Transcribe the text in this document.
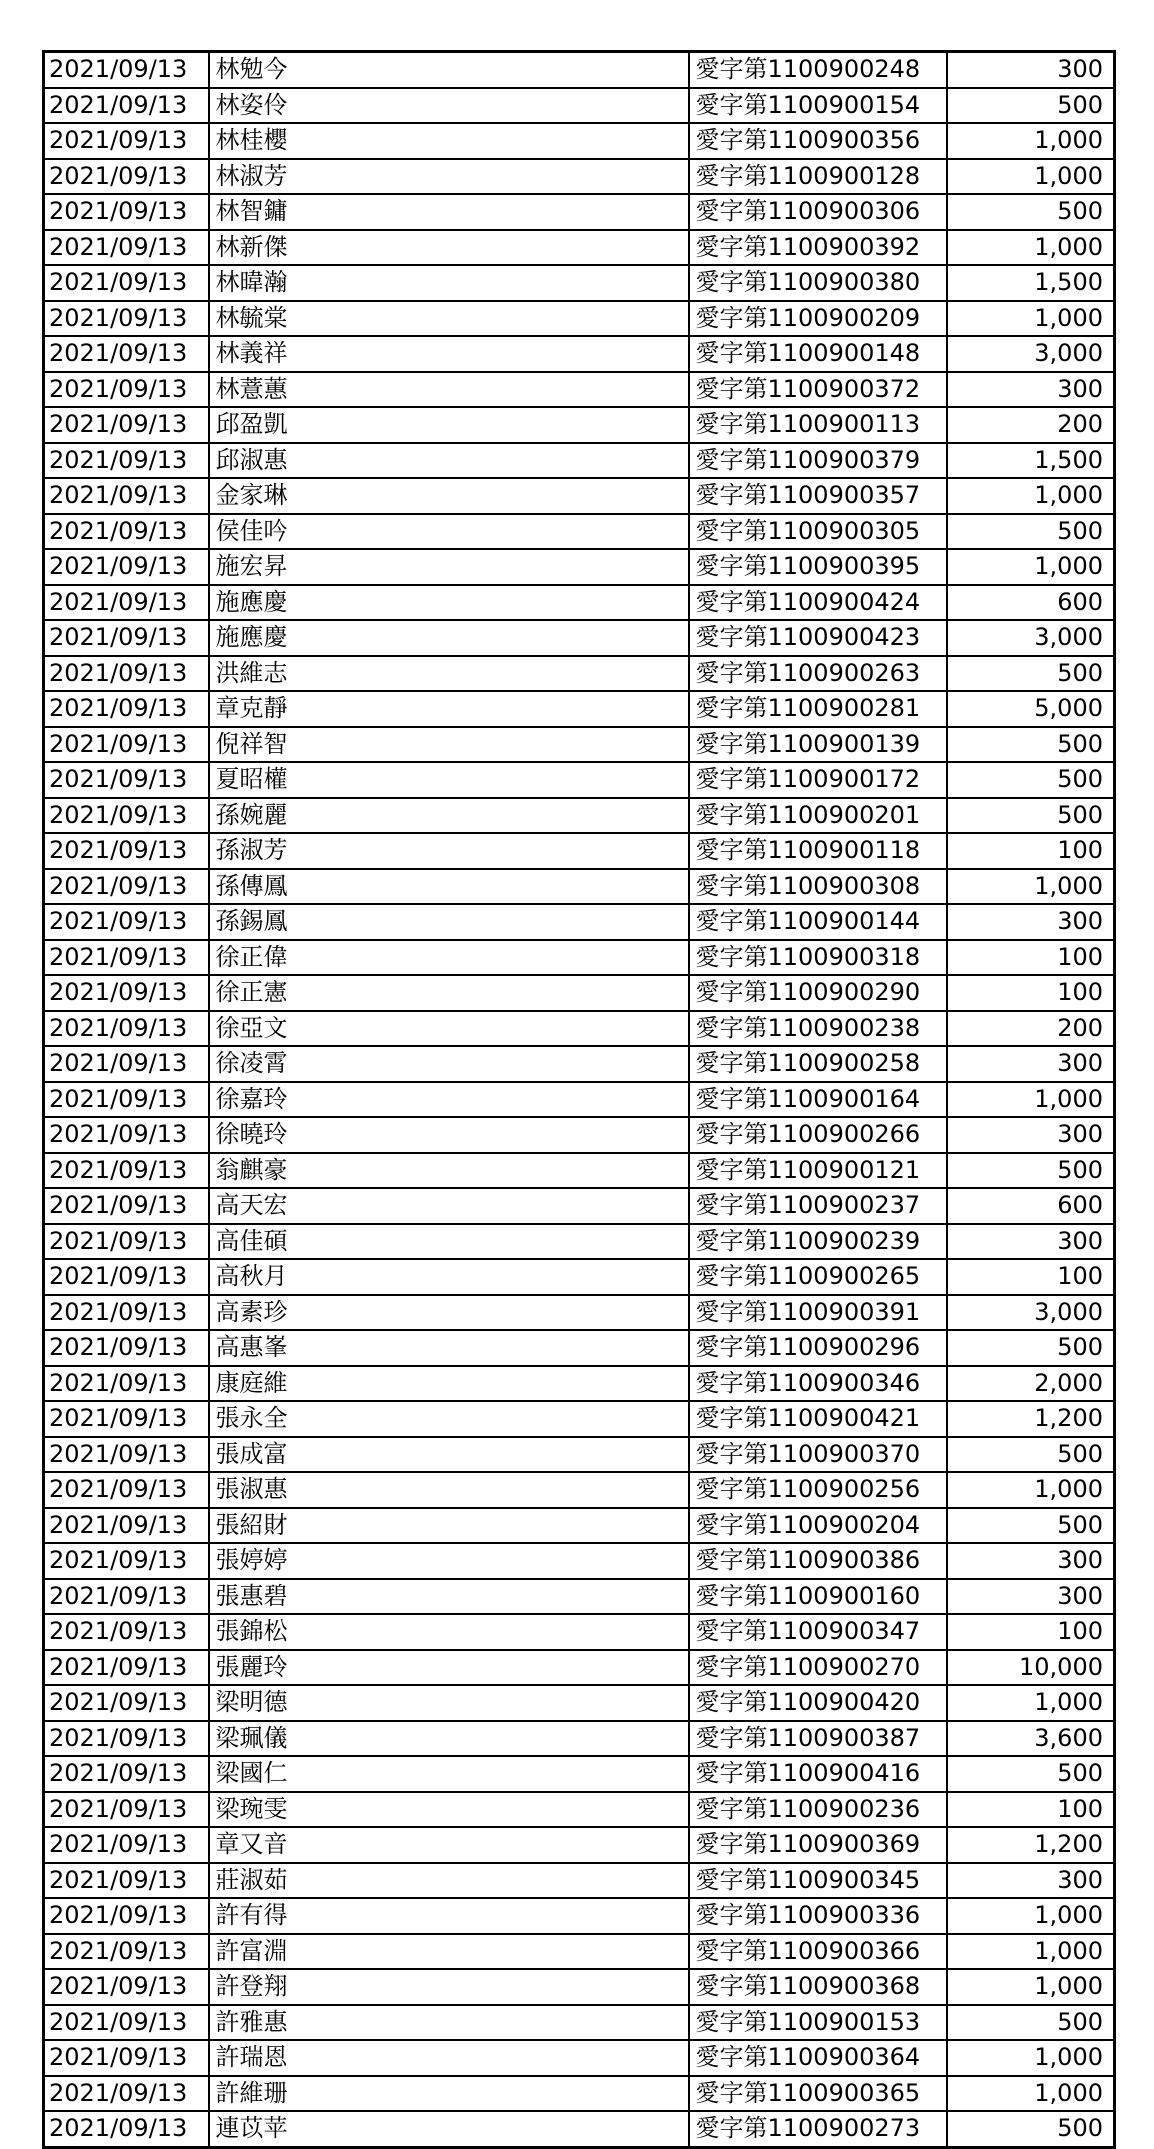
2021/09/13	林勉今	愛字第1100900248	300
2021/09/13	林姿伶	愛字第1100900154	500
2021/09/13	林桂櫻	愛字第1100900356	1,000
2021/09/13	林淑芳	愛字第1100900128	1,000
2021/09/13	林智鏞	愛字第1100900306	500
2021/09/13	林新傑	愛字第1100900392	1,000
2021/09/13	林暐瀚	愛字第1100900380	1,500
2021/09/13	林毓棠	愛字第1100900209	1,000
2021/09/13	林義祥	愛字第1100900148	3,000
2021/09/13	林薏蕙	愛字第1100900372	300
2021/09/13	邱盈凱	愛字第1100900113	200
2021/09/13	邱淑惠	愛字第1100900379	1,500
2021/09/13	金家琳	愛字第1100900357	1,000
2021/09/13	侯佳吟	愛字第1100900305	500
2021/09/13	施宏昇	愛字第1100900395	1,000
2021/09/13	施應慶	愛字第1100900424	600
2021/09/13	施應慶	愛字第1100900423	3,000
2021/09/13	洪維志	愛字第1100900263	500
2021/09/13	章克靜	愛字第1100900281	5,000
2021/09/13	倪祥智	愛字第1100900139	500
2021/09/13	夏昭權	愛字第1100900172	500
2021/09/13	孫婉麗	愛字第1100900201	500
2021/09/13	孫淑芳	愛字第1100900118	100
2021/09/13	孫傳鳳	愛字第1100900308	1,000
2021/09/13	孫錫鳳	愛字第1100900144	300
2021/09/13	徐正偉	愛字第1100900318	100
2021/09/13	徐正憲	愛字第1100900290	100
2021/09/13	徐亞文	愛字第1100900238	200
2021/09/13	徐凌霄	愛字第1100900258	300
2021/09/13	徐嘉玲	愛字第1100900164	1,000
2021/09/13	徐曉玲	愛字第1100900266	300
2021/09/13	翁麒豪	愛字第1100900121	500
2021/09/13	高天宏	愛字第1100900237	600
2021/09/13	高佳碩	愛字第1100900239	300
2021/09/13	高秋月	愛字第1100900265	100
2021/09/13	高素珍	愛字第1100900391	3,000
2021/09/13	高惠峯	愛字第1100900296	500
2021/09/13	康庭維	愛字第1100900346	2,000
2021/09/13	張永全	愛字第1100900421	1,200
2021/09/13	張成富	愛字第1100900370	500
2021/09/13	張淑惠	愛字第1100900256	1,000
2021/09/13	張紹財	愛字第1100900204	500
2021/09/13	張婷婷	愛字第1100900386	300
2021/09/13	張惠碧	愛字第1100900160	300
2021/09/13	張錦松	愛字第1100900347	100
2021/09/13	張麗玲	愛字第1100900270	10,000
2021/09/13	梁明德	愛字第1100900420	1,000
2021/09/13	梁珮儀	愛字第1100900387	3,600
2021/09/13	梁國仁	愛字第1100900416	500
2021/09/13	梁琬雯	愛字第1100900236	100
2021/09/13	章又音	愛字第1100900369	1,200
2021/09/13	莊淑茹	愛字第1100900345	300
2021/09/13	許有得	愛字第1100900336	1,000
2021/09/13	許富淵	愛字第1100900366	1,000
2021/09/13	許登翔	愛字第1100900368	1,000
2021/09/13	許雅惠	愛字第1100900153	500
2021/09/13	許瑞恩	愛字第1100900364	1,000
2021/09/13	許維珊	愛字第1100900365	1,000
2021/09/13	連苡苹	愛字第1100900273	500
